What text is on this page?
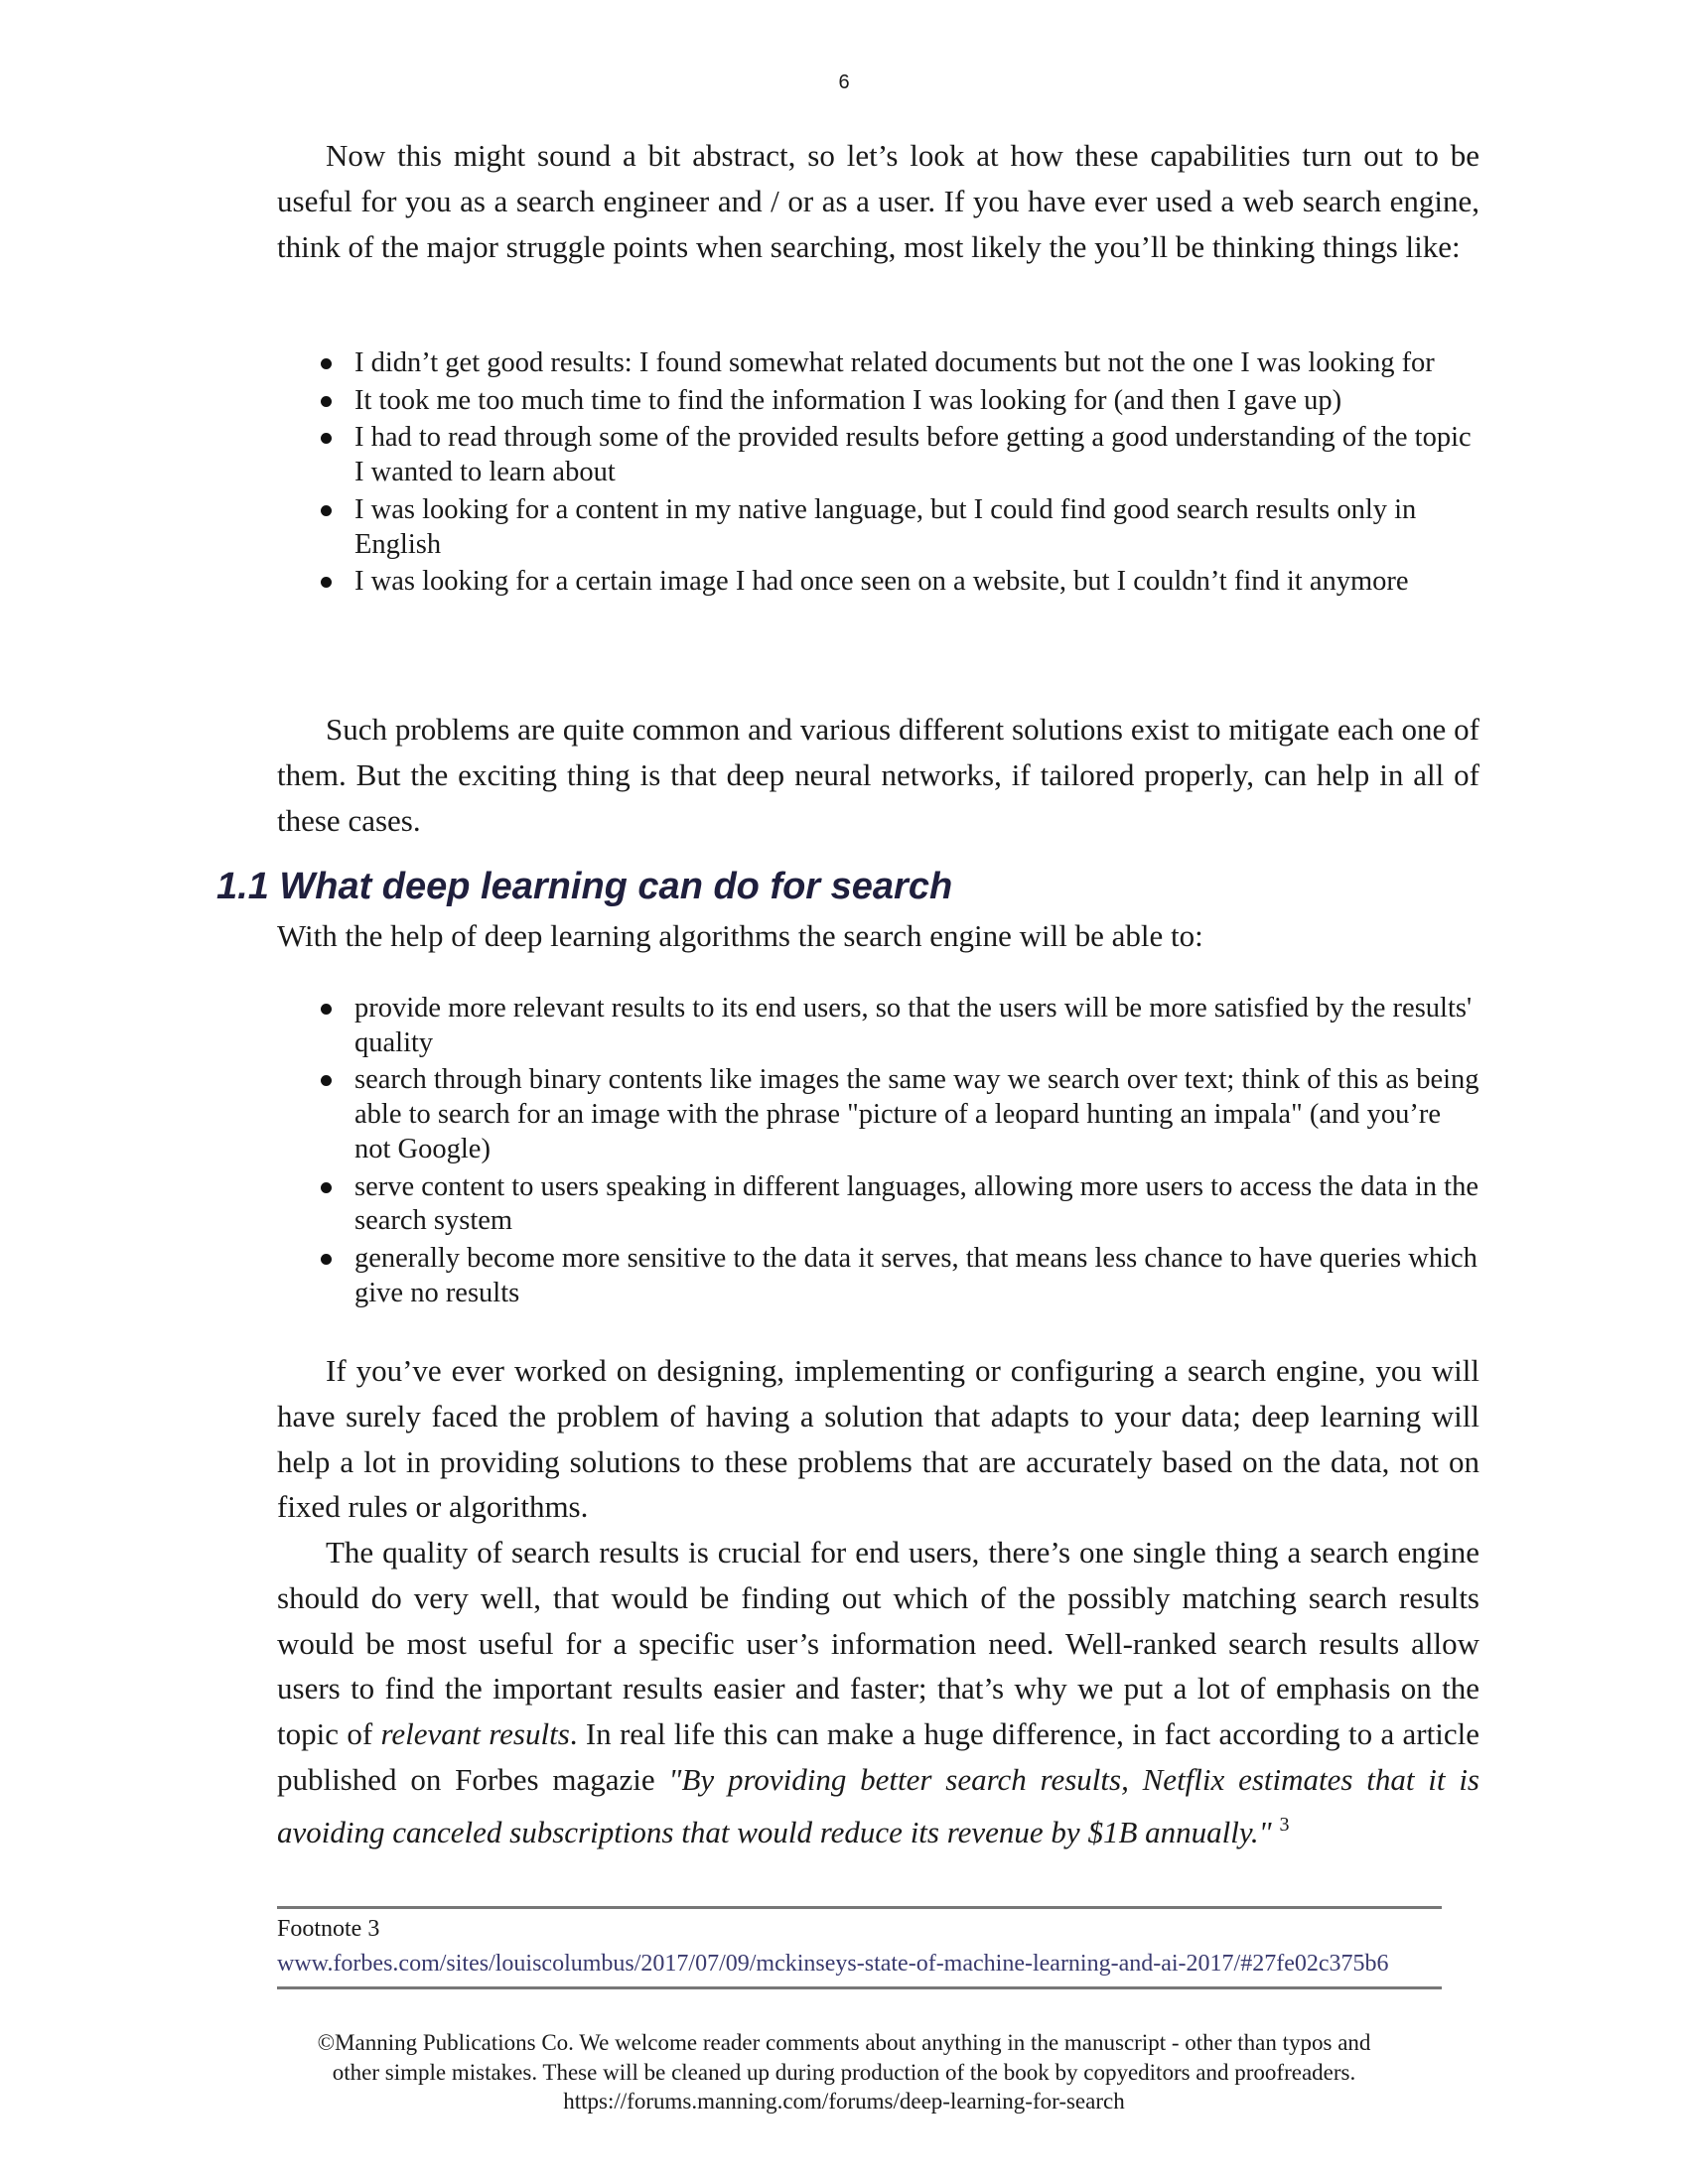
6

Now this might sound a bit abstract, so let’s look at how these capabilities turn out to be useful for you as a search engineer and / or as a user. If you have ever used a web search engine, think of the major struggle points when searching, most likely the you’ll be thinking things like:

I didn’t get good results: I found somewhat related documents but not the one I was looking for
It took me too much time to find the information I was looking for (and then I gave up)
I had to read through some of the provided results before getting a good understanding of the topic I wanted to learn about
I was looking for a content in my native language, but I could find good search results only in English
I was looking for a certain image I had once seen on a website, but I couldn’t find it anymore

Such problems are quite common and various different solutions exist to mitigate each one of them. But the exciting thing is that deep neural networks, if tailored properly, can help in all of these cases.

1.1 What deep learning can do for search

With the help of deep learning algorithms the search engine will be able to:

provide more relevant results to its end users, so that the users will be more satisfied by the results' quality
search through binary contents like images the same way we search over text; think of this as being able to search for an image with the phrase "picture of a leopard hunting an impala" (and you’re not Google)
serve content to users speaking in different languages, allowing more users to access the data in the search system
generally become more sensitive to the data it serves, that means less chance to have queries which give no results

If you’ve ever worked on designing, implementing or configuring a search engine, you will have surely faced the problem of having a solution that adapts to your data; deep learning will help a lot in providing solutions to these problems that are accurately based on the data, not on fixed rules or algorithms.

The quality of search results is crucial for end users, there’s one single thing a search engine should do very well, that would be finding out which of the possibly matching search results would be most useful for a specific user’s information need. Well-ranked search results allow users to find the important results easier and faster; that’s why we put a lot of emphasis on the topic of relevant results. In real life this can make a huge difference, in fact according to a article published on Forbes magazie "By providing better search results, Netflix estimates that it is avoiding canceled subscriptions that would reduce its revenue by $1B annually." $^3$

Footnote 3
www.forbes.com/sites/louiscolumbus/2017/07/09/mckinseys-state-of-machine-learning-and-ai-2017/#27fe02c375b6
©Manning Publications Co. We welcome reader comments about anything in the manuscript - other than typos and
other simple mistakes. These will be cleaned up during production of the book by copyeditors and proofreaders.
https://forums.manning.com/forums/deep-learning-for-search
